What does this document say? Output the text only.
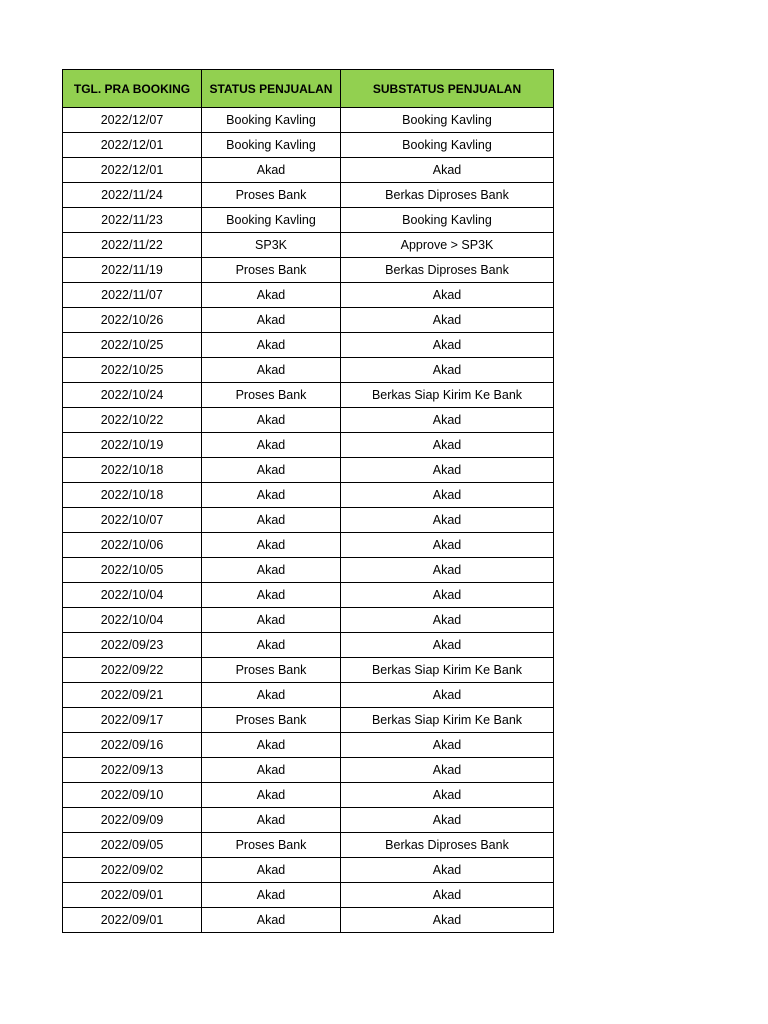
TGL. PRA BOOKING	STATUS PENJUALAN	SUBSTATUS PENJUALAN
2022/12/07	Booking Kavling	Booking Kavling
2022/12/01	Booking Kavling	Booking Kavling
2022/12/01	Akad	Akad
2022/11/24	Proses Bank	Berkas Diproses Bank
2022/11/23	Booking Kavling	Booking Kavling
2022/11/22	SP3K	Approve > SP3K
2022/11/19	Proses Bank	Berkas Diproses Bank
2022/11/07	Akad	Akad
2022/10/26	Akad	Akad
2022/10/25	Akad	Akad
2022/10/25	Akad	Akad
2022/10/24	Proses Bank	Berkas Siap Kirim Ke Bank
2022/10/22	Akad	Akad
2022/10/19	Akad	Akad
2022/10/18	Akad	Akad
2022/10/18	Akad	Akad
2022/10/07	Akad	Akad
2022/10/06	Akad	Akad
2022/10/05	Akad	Akad
2022/10/04	Akad	Akad
2022/10/04	Akad	Akad
2022/09/23	Akad	Akad
2022/09/22	Proses Bank	Berkas Siap Kirim Ke Bank
2022/09/21	Akad	Akad
2022/09/17	Proses Bank	Berkas Siap Kirim Ke Bank
2022/09/16	Akad	Akad
2022/09/13	Akad	Akad
2022/09/10	Akad	Akad
2022/09/09	Akad	Akad
2022/09/05	Proses Bank	Berkas Diproses Bank
2022/09/02	Akad	Akad
2022/09/01	Akad	Akad
2022/09/01	Akad	Akad
